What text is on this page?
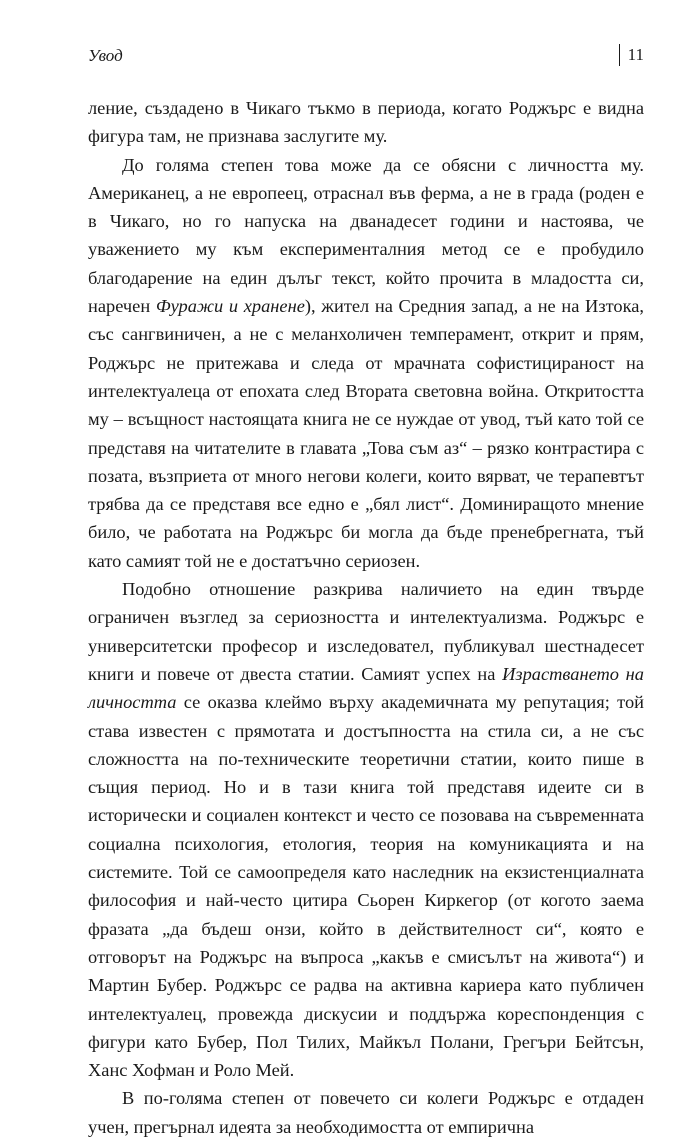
Увод	11

ление, създадено в Чикаго тъкмо в периода, когато Роджърс е видна фигура там, не признава заслугите му.

До голяма степен това може да се обясни с личността му. Американец, а не европеец, отраснал във ферма, а не в града (роден е в Чикаго, но го напуска на дванадесет години и настоява, че уважението му към експерименталния метод се е пробудило благодарение на един дълъг текст, който прочита в младостта си, наречен Фуражи и хранене), жител на Средния запад, а не на Изтока, със сангвиничен, а не с меланхоличен темперамент, открит и прям, Роджърс не притежава и следа от мрачната софистицираност на интелектуалеца от епохата след Втората световна война. Откритостта му – всъщност настоящата книга не се нуждае от увод, тъй като той се представя на читателите в главата „Това съм аз“ – рязко контрастира с позата, възприета от много негови колеги, които вярват, че терапевтът трябва да се представя все едно е „бял лист“. Доминиращото мнение било, че работата на Роджърс би могла да бъде пренебрегната, тъй като самият той не е достатъчно сериозен.

Подобно отношение разкрива наличието на един твърде ограничен възглед за сериозността и интелектуализма. Роджърс е университетски професор и изследовател, публикувал шестнадесет книги и повече от двеста статии. Самият успех на Израстването на личността се оказва клеймо върху академичната му репутация; той става известен с прямотата и достъпността на стила си, а не със сложността на по-техническите теоретични статии, които пише в същия период. Но и в тази книга той представя идеите си в исторически и социален контекст и често се позовава на съвременната социална психология, етология, теория на комуникацията и на системите. Той се самоопределя като наследник на екзистенциалната философия и най-често цитира Сьорен Киркегор (от когото заема фразата „да бъдеш онзи, който в действителност си“, която е отговорът на Роджърс на въпроса „какъв е смисълът на живота“) и Мартин Бубер. Роджърс се радва на активна кариера като публичен интелектуалец, провежда дискусии и поддържа кореспонденция с фигури като Бубер, Пол Тилих, Майкъл Полани, Грегъри Бейтсън, Ханс Хофман и Роло Мей.

В по-голяма степен от повечето си колеги Роджърс е отдаден учен, прегърнал идеята за необходимостта от емпирична
